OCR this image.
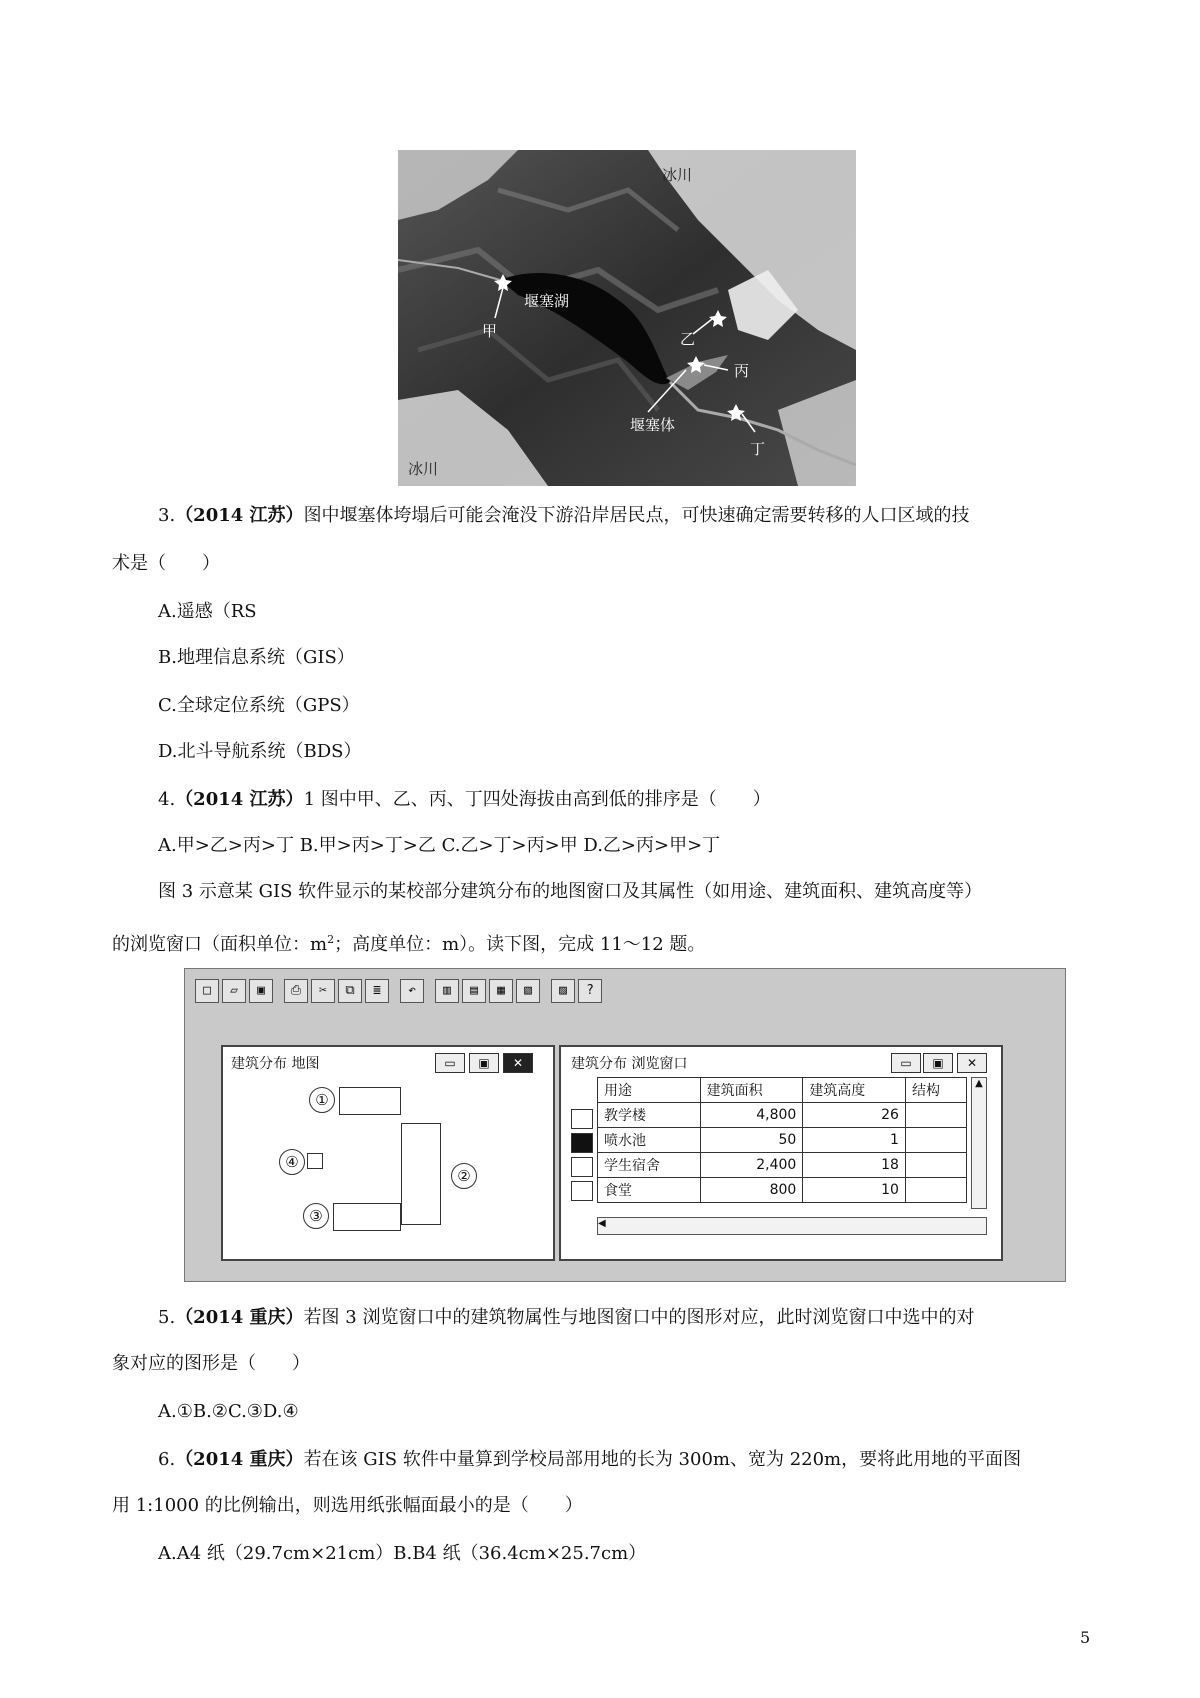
冰川
堰塞湖
甲	乙
丙
丁
堰塞体
冰川
3.（2014 江苏）图中堰塞体垮塌后可能会淹没下游沿岸居民点，可快速确定需要转移的人口区域的技
术是（　　）
A.遥感（RS
B.地理信息系统（GIS）
C.全球定位系统（GPS）
D.北斗导航系统（BDS）
4.（2014 江苏）1 图中甲、乙、丙、丁四处海拔由高到低的排序是（　　）
A.甲>乙>丙>丁 B.甲>丙>丁>乙 C.乙>丁>丙>甲 D.乙>丙>甲>丁
图 3 示意某 GIS 软件显示的某校部分建筑分布的地图窗口及其属性（如用途、建筑面积、建筑高度等）
的浏览窗口（面积单位：$m^2$；高度单位：m）。读下图，完成 11～12 题。
□	▱	▣	⎙	✂	⧉	≣	↶	▥	▤	▦	▧	▨	?
建筑分布 地图	▭	▣	✕
①
④
②
③
建筑分布 浏览窗口	▭	▣	✕
用途	建筑面积	建筑高度	结构
教学楼	4,800	26	
喷水池	50	1	
学生宿舍	2,400	18	
食堂	800	10	
▲
◀
5.（2014 重庆）若图 3 浏览窗口中的建筑物属性与地图窗口中的图形对应，此时浏览窗口中选中的对
象对应的图形是（　　）
A.①B.②C.③D.④
6.（2014 重庆）若在该 GIS 软件中量算到学校局部用地的长为 300m、宽为 220m，要将此用地的平面图
用 1:1000 的比例输出，则选用纸张幅面最小的是（　　）
A.A4 纸（29.7cm×21cm）B.B4 纸（36.4cm×25.7cm）
5
